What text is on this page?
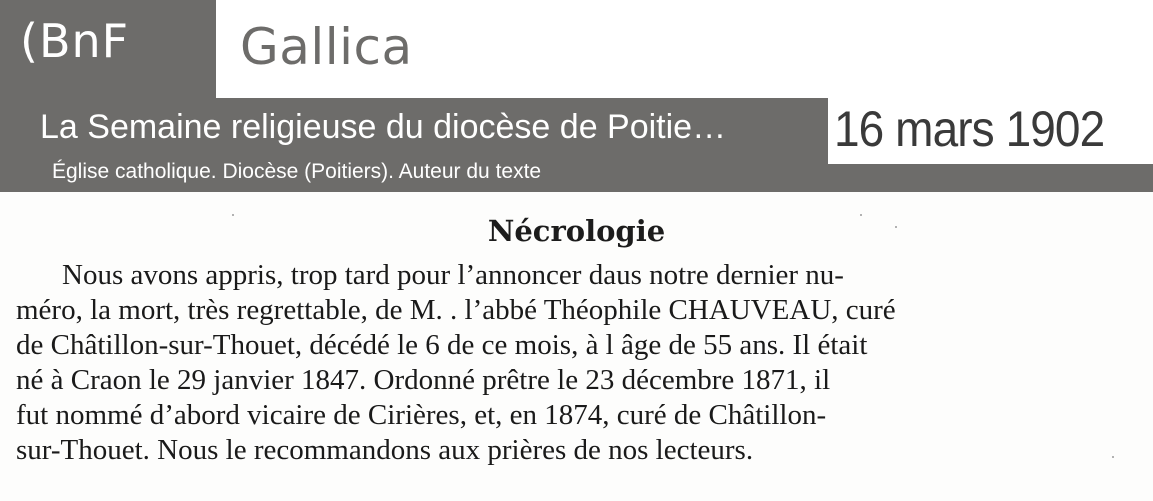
(BnF Gallica
La Semaine religieuse du diocèse de Poitie…
Église catholique. Diocèse (Poitiers). Auteur du texte
16 mars 1902
Nécrologie
Nous avons appris, trop tard pour l’annoncer daus notre dernier nu-
méro, la mort, très regrettable, de M. . l’abbé Théophile CHAUVEAU, curé
de Châtillon-sur-Thouet, décédé le 6 de ce mois, à l âge de 55 ans. Il était
né à Craon le 29 janvier 1847. Ordonné prêtre le 23 décembre 1871, il
fut nommé d’abord vicaire de Cirières, et, en 1874, curé de Châtillon-
sur-Thouet. Nous le recommandons aux prières de nos lecteurs.
